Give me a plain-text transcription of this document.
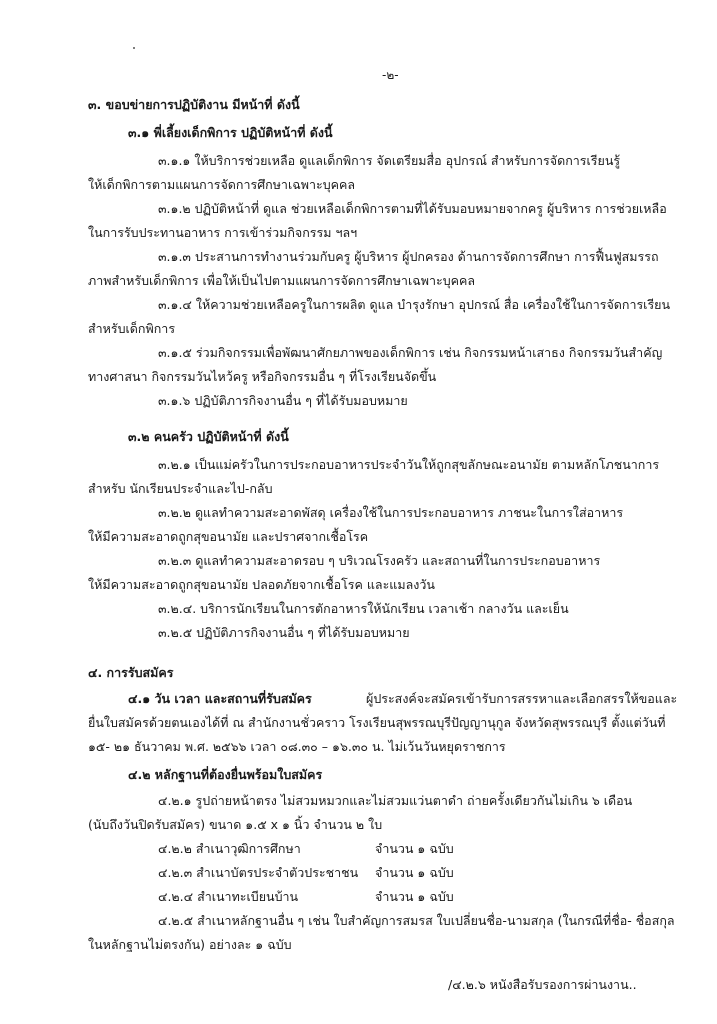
-๒-
๓. ขอบข่ายการปฏิบัติงาน มีหน้าที่ ดังนี้
๓.๑ พี่เลี้ยงเด็กพิการ ปฏิบัติหน้าที่ ดังนี้
๓.๑.๑ ให้บริการช่วยเหลือ ดูแลเด็กพิการ จัดเตรียมสื่อ อุปกรณ์ สำหรับการจัดการเรียนรู้
ให้เด็กพิการตามแผนการจัดการศึกษาเฉพาะบุคคล
๓.๑.๒ ปฏิบัติหน้าที่ ดูแล ช่วยเหลือเด็กพิการตามที่ได้รับมอบหมายจากครู ผู้บริหาร การช่วยเหลือ
ในการรับประทานอาหาร การเข้าร่วมกิจกรรม ฯลฯ
๓.๑.๓ ประสานการทำงานร่วมกับครู ผู้บริหาร ผู้ปกครอง ด้านการจัดการศึกษา การฟื้นฟูสมรรถ
ภาพสำหรับเด็กพิการ เพื่อให้เป็นไปตามแผนการจัดการศึกษาเฉพาะบุคคล
๓.๑.๔ ให้ความช่วยเหลือครูในการผลิต ดูแล บำรุงรักษา อุปกรณ์ สื่อ เครื่องใช้ในการจัดการเรียน
สำหรับเด็กพิการ
๓.๑.๕ ร่วมกิจกรรมเพื่อพัฒนาศักยภาพของเด็กพิการ เช่น กิจกรรมหน้าเสาธง กิจกรรมวันสำคัญ
ทางศาสนา กิจกรรมวันไหว้ครู หรือกิจกรรมอื่น ๆ ที่โรงเรียนจัดขึ้น
๓.๑.๖ ปฏิบัติภารกิจงานอื่น ๆ ที่ได้รับมอบหมาย
๓.๒ คนครัว ปฏิบัติหน้าที่ ดังนี้
๓.๒.๑ เป็นแม่ครัวในการประกอบอาหารประจำวันให้ถูกสุขลักษณะอนามัย ตามหลักโภชนาการ
สำหรับ นักเรียนประจำและไป-กลับ
๓.๒.๒ ดูแลทำความสะอาดพัสดุ เครื่องใช้ในการประกอบอาหาร ภาชนะในการใส่อาหาร
ให้มีความสะอาดถูกสุขอนามัย และปราศจากเชื้อโรค
๓.๒.๓ ดูแลทำความสะอาดรอบ ๆ บริเวณโรงครัว และสถานที่ในการประกอบอาหาร
ให้มีความสะอาดถูกสุขอนามัย ปลอดภัยจากเชื้อโรค และแมลงวัน
๓.๒.๔. บริการนักเรียนในการตักอาหารให้นักเรียน เวลาเช้า กลางวัน และเย็น
๓.๒.๕ ปฏิบัติภารกิจงานอื่น ๆ ที่ได้รับมอบหมาย
๔. การรับสมัคร
๔.๑ วัน เวลา และสถานที่รับสมัคร	ผู้ประสงค์จะสมัครเข้ารับการสรรหาและเลือกสรรให้ขอและ
ยื่นใบสมัครด้วยตนเองได้ที่ ณ สำนักงานชั่วคราว โรงเรียนสุพรรณบุรีปัญญานุกูล จังหวัดสุพรรณบุรี ตั้งแต่วันที่
๑๕- ๒๑ ธันวาคม พ.ศ. ๒๕๖๖ เวลา ๐๘.๓๐ – ๑๖.๓๐ น. ไม่เว้นวันหยุดราชการ
๔.๒ หลักฐานที่ต้องยื่นพร้อมใบสมัคร
๔.๒.๑ รูปถ่ายหน้าตรง ไม่สวมหมวกและไม่สวมแว่นตาดำ ถ่ายครั้งเดียวกันไม่เกิน ๖ เดือน
(นับถึงวันปิดรับสมัคร) ขนาด ๑.๕ x ๑ นิ้ว จำนวน ๒ ใบ
๔.๒.๒ สำเนาวุฒิการศึกษา	จำนวน ๑ ฉบับ
๔.๒.๓ สำเนาบัตรประจำตัวประชาชน จำนวน ๑ ฉบับ
๔.๒.๔ สำเนาทะเบียนบ้าน	จำนวน ๑ ฉบับ
๔.๒.๕ สำเนาหลักฐานอื่น ๆ เช่น ใบสำคัญการสมรส ใบเปลี่ยนชื่อ-นามสกุล (ในกรณีที่ชื่อ- ชื่อสกุล
ในหลักฐานไม่ตรงกัน) อย่างละ ๑ ฉบับ
/๔.๒.๖ หนังสือรับรองการผ่านงาน..
